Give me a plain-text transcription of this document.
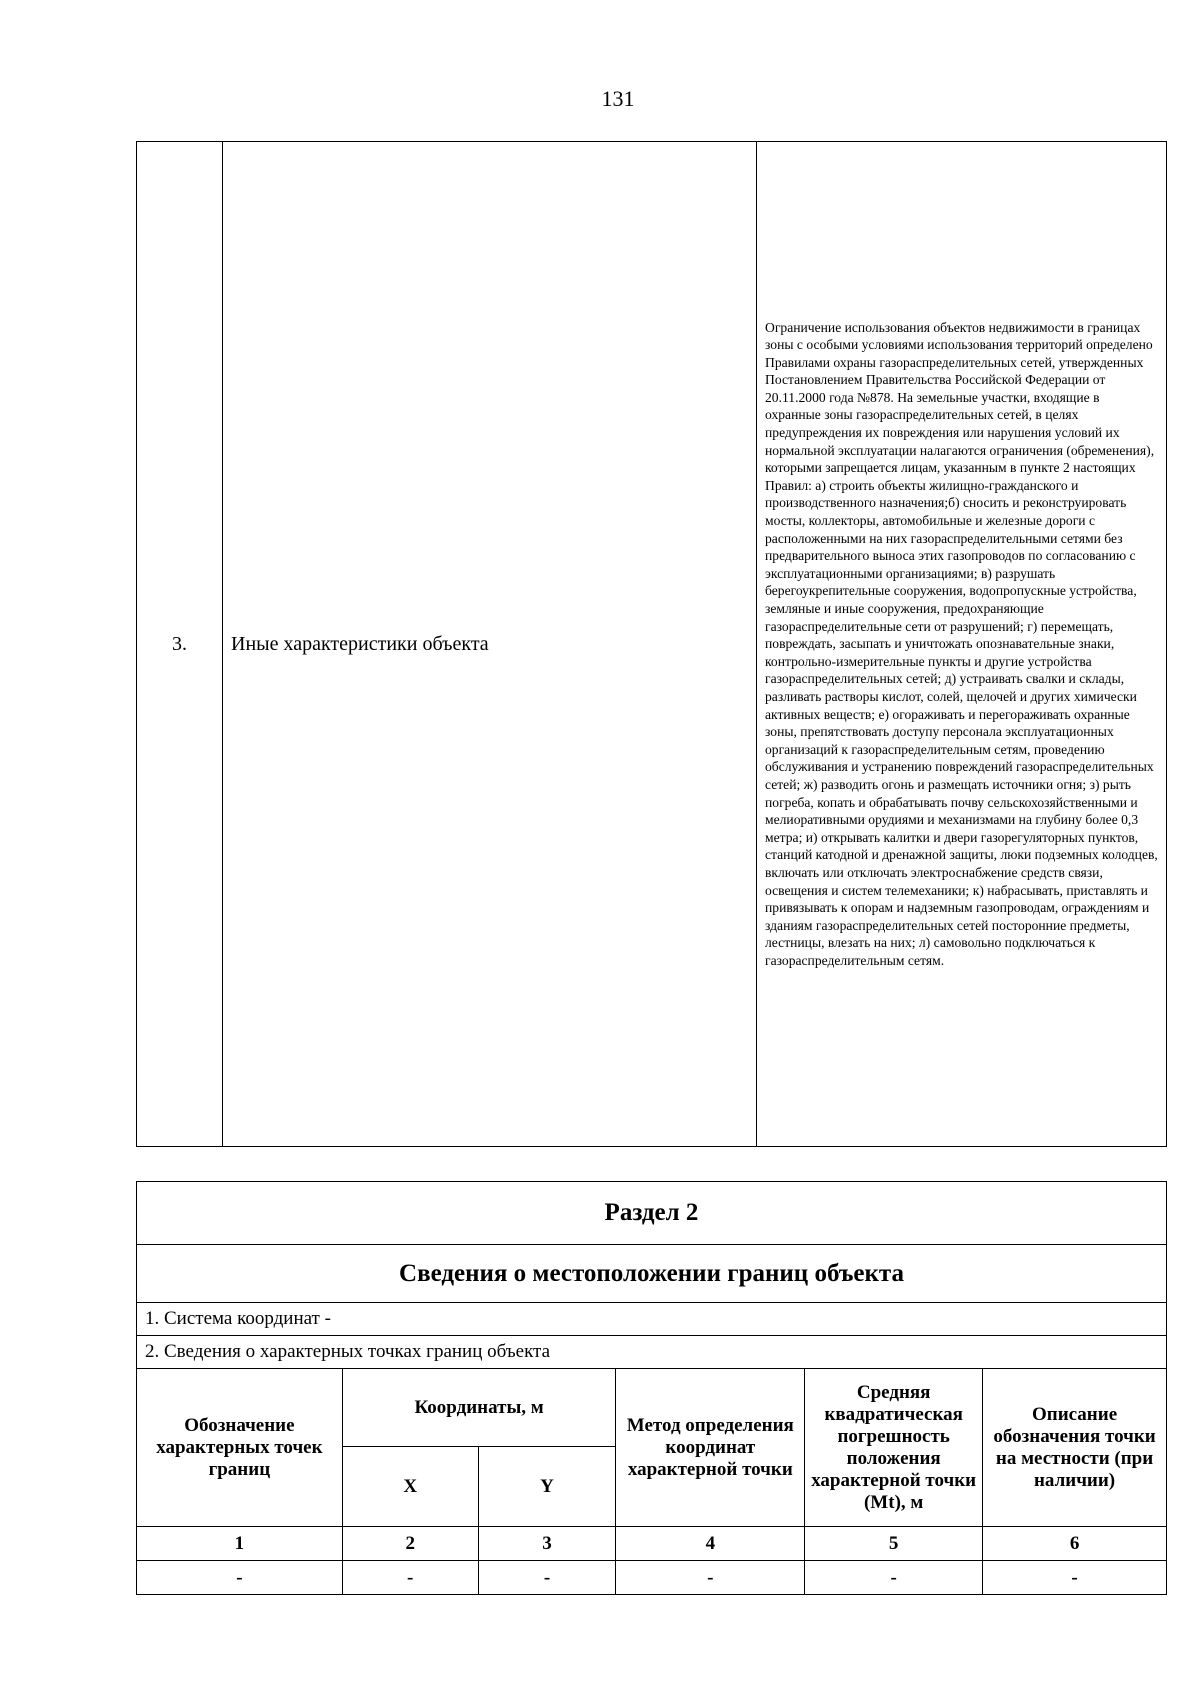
131
3.	Иные характеристики объекта	Ограничение использования объектов недвижимости в границах зоны с особыми условиями использования территорий определено Правилами охраны газораспределительных сетей, утвержденных Постановлением Правительства Российской Федерации от 20.11.2000 года №878. На земельные участки, входящие в охранные зоны газораспределительных сетей, в целях предупреждения их повреждения или нарушения условий их нормальной эксплуатации налагаются ограничения (обременения), которыми запрещается лицам, указанным в пункте 2 настоящих Правил: а) строить объекты жилищно-гражданского и производственного назначения;б) сносить и реконструировать мосты, коллекторы, автомобильные и железные дороги с расположенными на них газораспределительными сетями без предварительного выноса этих газопроводов по согласованию с эксплуатационными организациями; в) разрушать берегоукрепительные сооружения, водопропускные устройства, земляные и иные сооружения, предохраняющие газораспределительные сети от разрушений; г) перемещать, повреждать, засыпать и уничтожать опознавательные знаки, контрольно-измерительные пункты и другие устройства газораспределительных сетей; д) устраивать свалки и склады, разливать растворы кислот, солей, щелочей и других химически активных веществ; е) огораживать и перегораживать охранные зоны, препятствовать доступу персонала эксплуатационных организаций к газораспределительным сетям, проведению обслуживания и устранению повреждений газораспределительных сетей; ж) разводить огонь и размещать источники огня; з) рыть погреба, копать и обрабатывать почву сельскохозяйственными и мелиоративными орудиями и механизмами на глубину более 0,3 метра; и) открывать калитки и двери газорегуляторных пунктов, станций катодной и дренажной защиты, люки подземных колодцев, включать или отключать электроснабжение средств связи, освещения и систем телемеханики; к) набрасывать, приставлять и привязывать к опорам и надземным газопроводам, ограждениям и зданиям газораспределительных сетей посторонние предметы, лестницы, влезать на них; л) самовольно подключаться к газораспределительным сетям.
Раздел 2					
Сведения о местоположении границ объекта					
1. Система координат -					
2. Сведения о характерных точках границ объекта					
Обозначение характерных точек границ	Координаты, м		Метод определения координат характерной точки	Средняя квадратическая погрешность положения характерной точки (Mt), м	Описание обозначения точки на местности (при наличии)
	X	Y			
1	2	3	4	5	6
-	-	-	-	-	-
